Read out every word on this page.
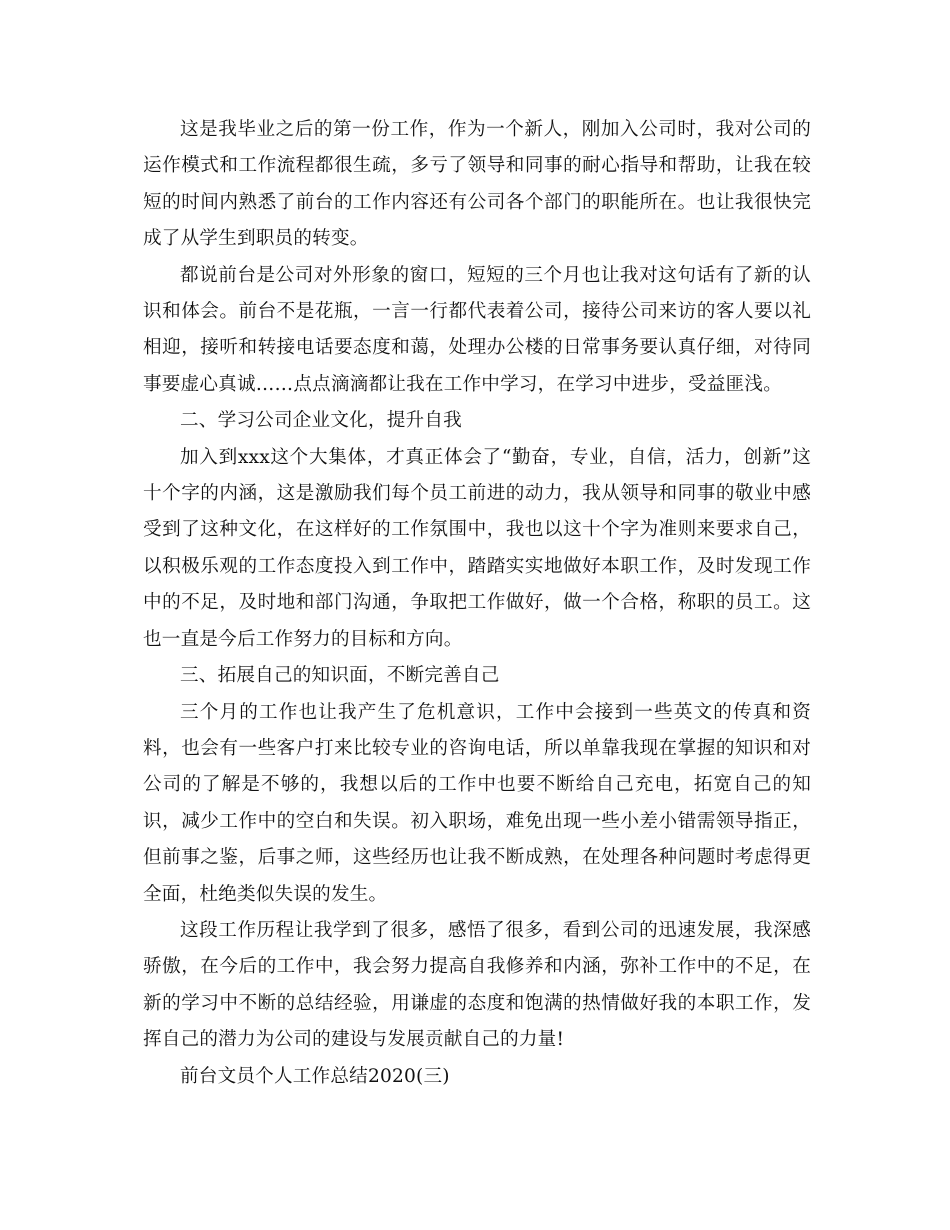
这是我毕业之后的第一份工作，作为一个新人，刚加入公司时，我对公司的运作模式和工作流程都很生疏，多亏了领导和同事的耐心指导和帮助，让我在较短的时间内熟悉了前台的工作内容还有公司各个部门的职能所在。也让我很快完成了从学生到职员的转变。

都说前台是公司对外形象的窗口，短短的三个月也让我对这句话有了新的认识和体会。前台不是花瓶，一言一行都代表着公司，接待公司来访的客人要以礼相迎，接听和转接电话要态度和蔼，处理办公楼的日常事务要认真仔细，对待同事要虚心真诚……点点滴滴都让我在工作中学习，在学习中进步，受益匪浅。

二、学习公司企业文化，提升自我

加入到xxx这个大集体，才真正体会了“勤奋，专业，自信，活力，创新”这十个字的内涵，这是激励我们每个员工前进的动力，我从领导和同事的敬业中感受到了这种文化，在这样好的工作氛围中，我也以这十个字为准则来要求自己，以积极乐观的工作态度投入到工作中，踏踏实实地做好本职工作，及时发现工作中的不足，及时地和部门沟通，争取把工作做好，做一个合格，称职的员工。这也一直是今后工作努力的目标和方向。

三、拓展自己的知识面，不断完善自己

三个月的工作也让我产生了危机意识，工作中会接到一些英文的传真和资料，也会有一些客户打来比较专业的咨询电话，所以单靠我现在掌握的知识和对公司的了解是不够的，我想以后的工作中也要不断给自己充电，拓宽自己的知识，减少工作中的空白和失误。初入职场，难免出现一些小差小错需领导指正，但前事之鉴，后事之师，这些经历也让我不断成熟，在处理各种问题时考虑得更全面，杜绝类似失误的发生。

这段工作历程让我学到了很多，感悟了很多，看到公司的迅速发展，我深感骄傲，在今后的工作中，我会努力提高自我修养和内涵，弥补工作中的不足，在新的学习中不断的总结经验，用谦虚的态度和饱满的热情做好我的本职工作，发挥自己的潜力为公司的建设与发展贡献自己的力量!

前台文员个人工作总结2020(三)
